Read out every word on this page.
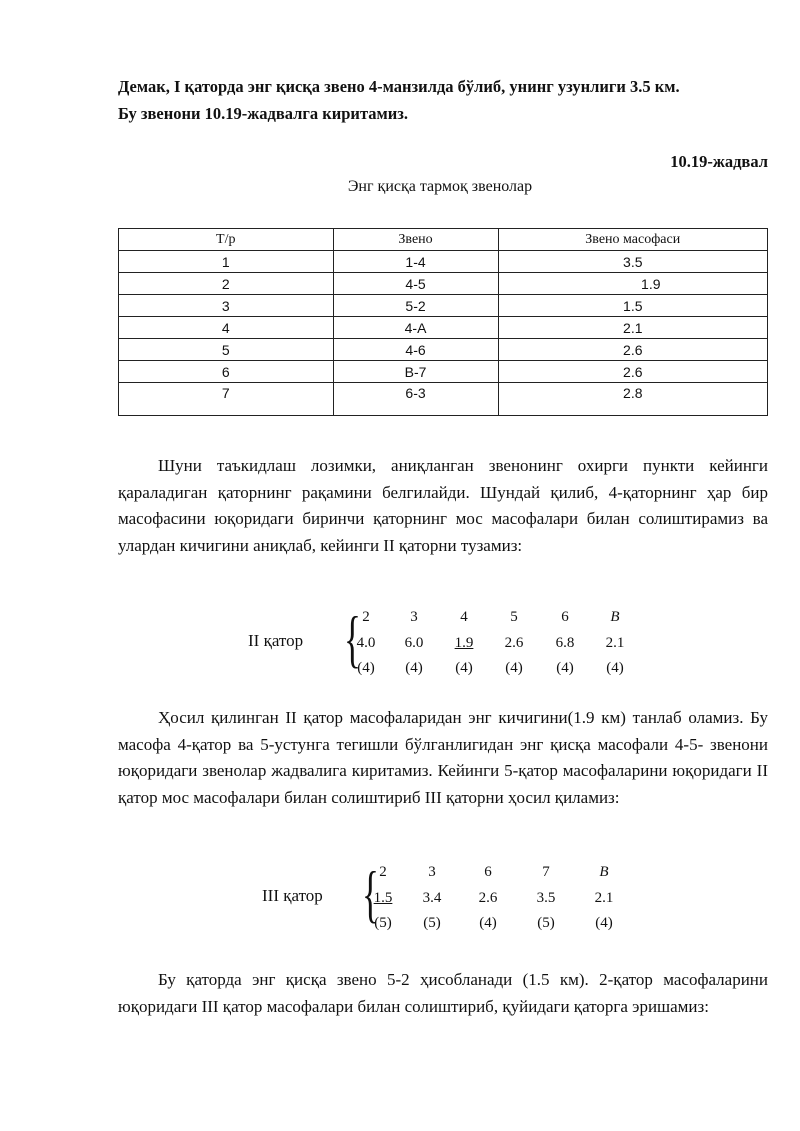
Демак, I қаторда энг қисқа звено 4-манзилда бўлиб, унинг узунлиги 3.5 км.

Бу звенони 10.19-жадвалга киритамиз.

10.19-жадвал
Энг қисқа тармоқ звенолар
Т/р	Звено	Звено масофаси
1	1-4	3.5
2	4-5	1.9
3	5-2	1.5
4	4-А	2.1
5	4-6	2.6
6	В-7	2.6
7	6-3	2.8

Шуни таъкидлаш лозимки, аниқланган звенонинг охирги пункти кейинги қараладиган қаторнинг рақамини белгилайди. Шундай қилиб, 4-қаторнинг ҳар бир масофасини юқоридаги биринчи қаторнинг мос масофалари билан солиштирамиз ва улардан кичигини аниқлаб, кейинги II қаторни тузамиз:

II қатор { 2	3	4	5	6	B
4.0	6.0	1.9	2.6	6.8	2.1
(4)	(4)	(4)	(4)	(4)	(4)

Ҳосил қилинган II қатор масофаларидан энг кичигини(1.9 км) танлаб оламиз. Бу масофа 4-қатор ва 5-устунга тегишли бўлганлигидан энг қисқа масофали 4-5- звенони юқоридаги звенолар жадвалига киритамиз. Кейинги 5-қатор масофаларини юқоридаги II қатор мос масофалари билан солиштириб III қаторни ҳосил қиламиз:

III қатор { 2	3	6	7	B
1.5	3.4	2.6	3.5	2.1
(5)	(5)	(4)	(5)	(4)

Бу қаторда энг қисқа звено 5-2 ҳисобланади (1.5 км). 2-қатор масофаларини юқоридаги III қатор масофалари билан солиштириб, қуйидаги қаторга эришамиз:
